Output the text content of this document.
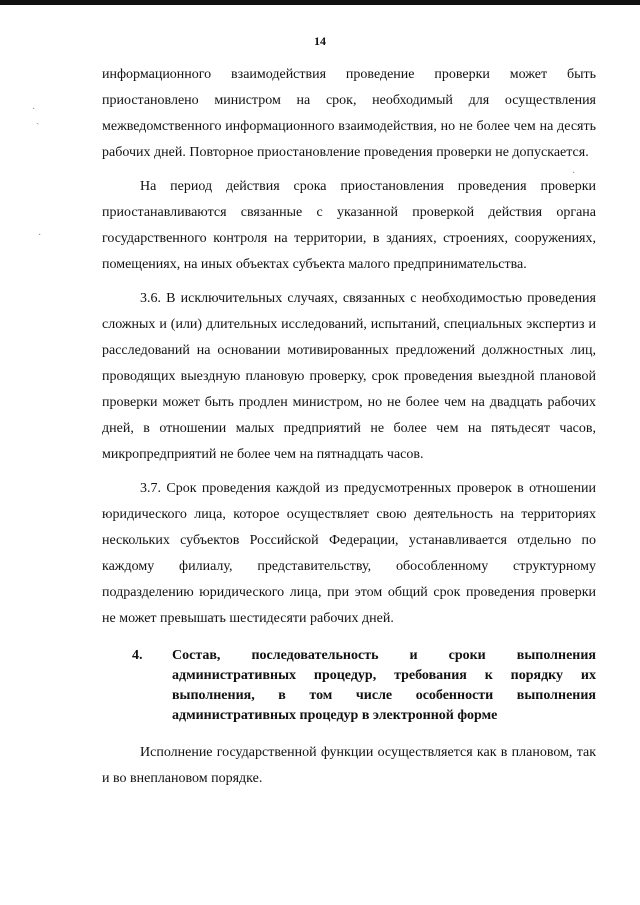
14
·
ˎ
·
·

информационного взаимодействия проведение проверки может быть приостановлено министром на срок, необходимый для осуществления межведомственного информационного взаимодействия, но не более чем на десять рабочих дней. Повторное приостановление проведения проверки не допускается.

На период действия срока приостановления проведения проверки приостанавливаются связанные с указанной проверкой действия органа государственного контроля на территории, в зданиях, строениях, сооружениях, помещениях, на иных объектах субъекта малого предпринимательства.

3.6. В исключительных случаях, связанных с необходимостью проведения сложных и (или) длительных исследований, испытаний, специальных экспертиз и расследований на основании мотивированных предложений должностных лиц, проводящих выездную плановую проверку, срок проведения выездной плановой проверки может быть продлен министром, но не более чем на двадцать рабочих дней, в отношении малых предприятий не более чем на пятьдесят часов, микропредприятий не более чем на пятнадцать часов.

3.7. Срок проведения каждой из предусмотренных проверок в отношении юридического лица, которое осуществляет свою деятельность на территориях нескольких субъектов Российской Федерации, устанавливается отдельно по каждому филиалу, представительству, обособленному структурному подразделению юридического лица, при этом общий срок проведения проверки не может превышать шестидесяти рабочих дней.

4. Состав, последовательность и сроки выполнения административных процедур, требования к порядку их выполнения, в том числе особенности выполнения административных процедур в электронной форме

Исполнение государственной функции осуществляется как в плановом, так и во внеплановом порядке.
